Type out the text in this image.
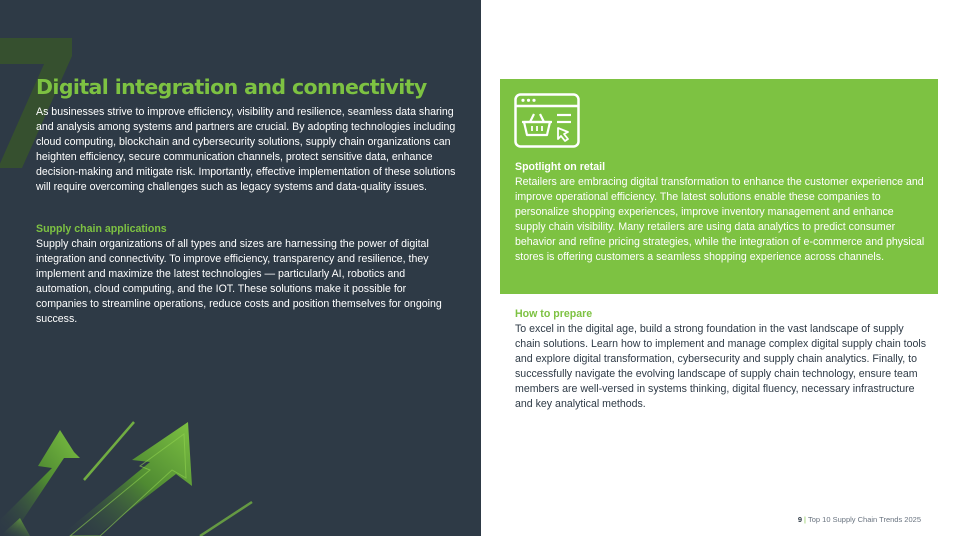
Digital integration and connectivity

As businesses strive to improve efficiency, visibility and resilience, seamless data sharing and analysis among systems and partners are crucial. By adopting technologies including cloud computing, blockchain and cybersecurity solutions, supply chain organizations can heighten efficiency, secure communication channels, protect sensitive data, enhance decision-making and mitigate risk. Importantly, effective implementation of these solutions will require overcoming challenges such as legacy systems and data-quality issues.

Supply chain applications

Supply chain organizations of all types and sizes are harnessing the power of digital integration and connectivity. To improve efficiency, transparency and resilience, they implement and maximize the latest technologies — particularly AI, robotics and automation, cloud computing, and the IOT. These solutions make it possible for companies to streamline operations, reduce costs and position themselves for ongoing success.

Spotlight on retail

Retailers are embracing digital transformation to enhance the customer experience and improve operational efficiency. The latest solutions enable these companies to personalize shopping experiences, improve inventory management and enhance supply chain visibility. Many retailers are using data analytics to predict consumer behavior and refine pricing strategies, while the integration of e-commerce and physical stores is offering customers a seamless shopping experience across channels.

How to prepare

To excel in the digital age, build a strong foundation in the vast landscape of supply chain solutions. Learn how to implement and manage complex digital supply chain tools and explore digital transformation, cybersecurity and supply chain analytics. Finally, to successfully navigate the evolving landscape of supply chain technology, ensure team members are well-versed in systems thinking, digital fluency, necessary infrastructure and key analytical methods.

9 | Top 10 Supply Chain Trends 2025
